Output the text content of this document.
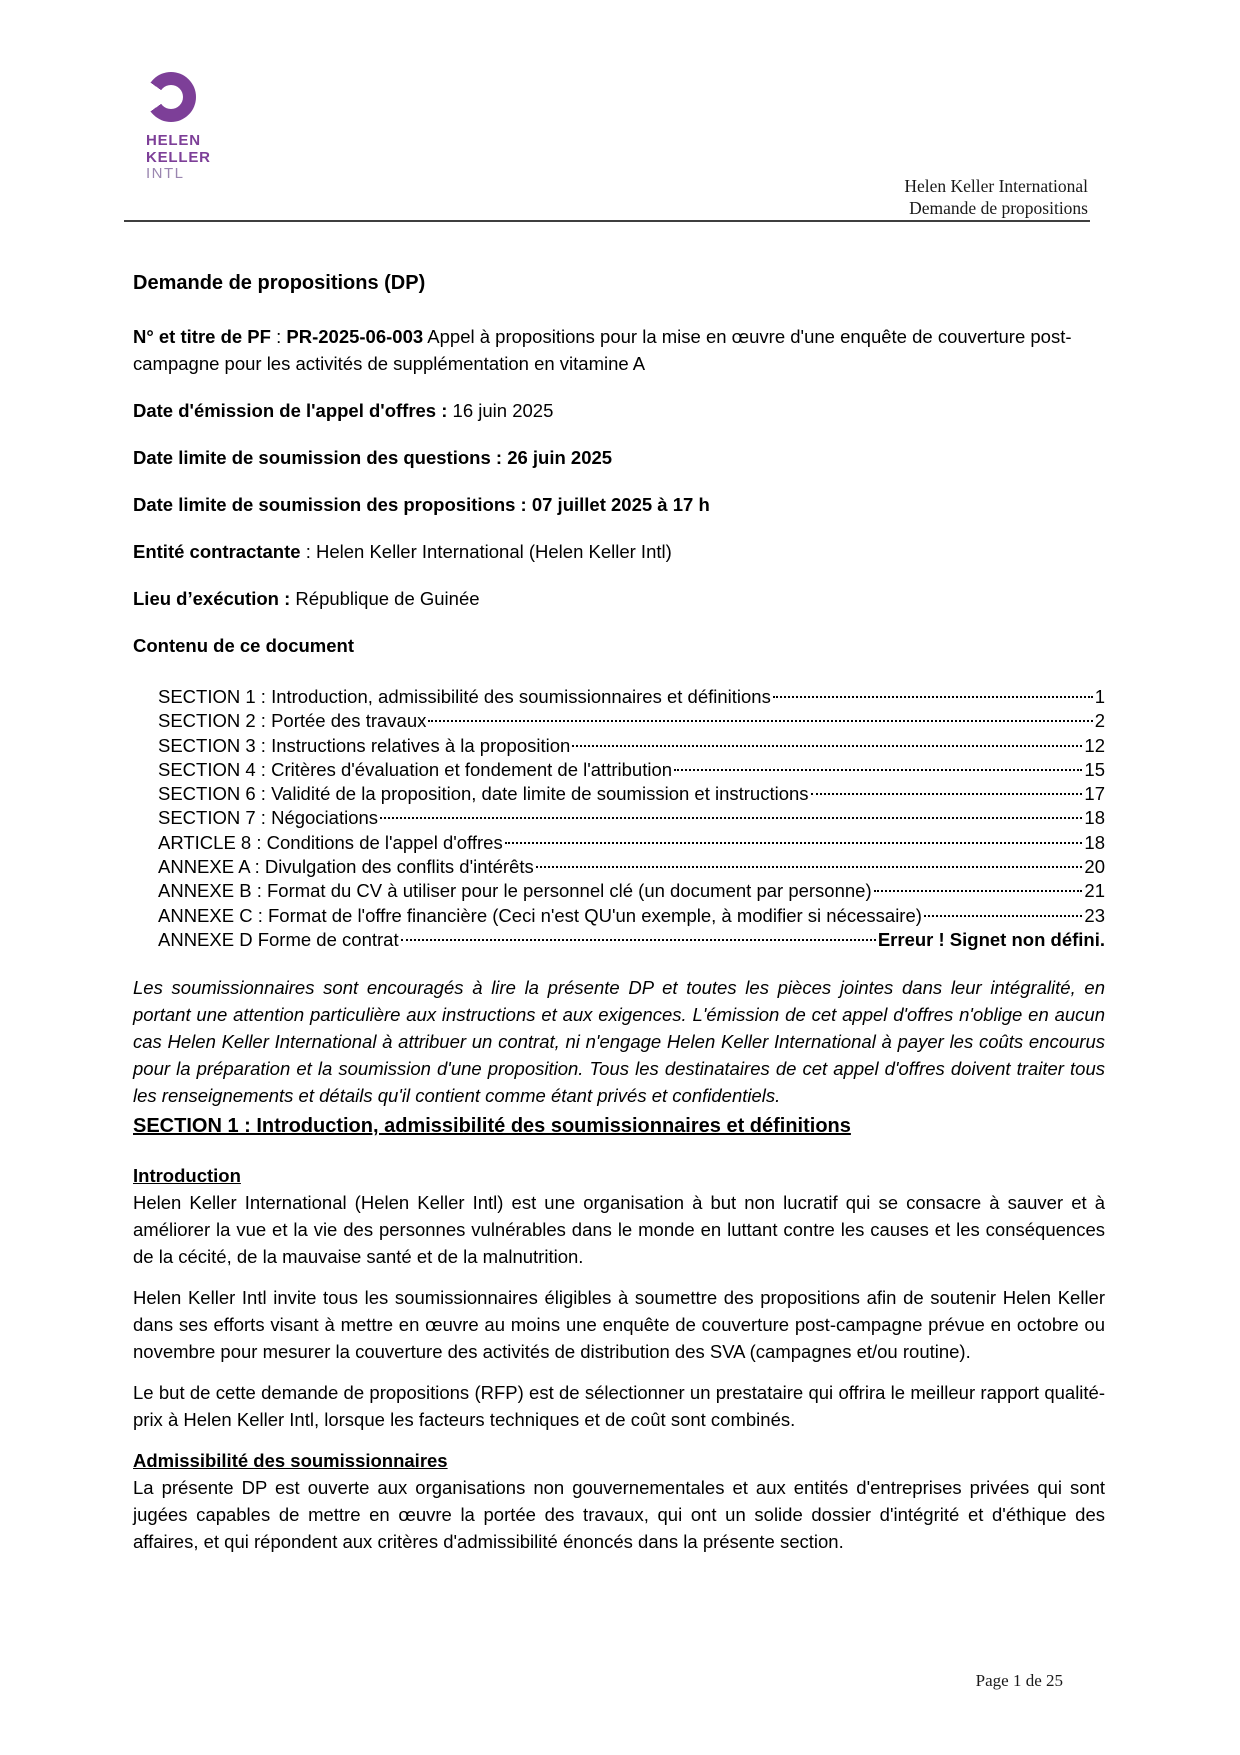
HELEN
KELLER
INTL
Helen Keller International
Demande de propositions
Demande de propositions (DP)

N° et titre de PF : PR-2025-06-003 Appel à propositions pour la mise en œuvre d'une enquête de couverture post-campagne pour les activités de supplémentation en vitamine A

Date d'émission de l'appel d'offres : 16 juin 2025

Date limite de soumission des questions : 26 juin 2025

Date limite de soumission des propositions : 07 juillet 2025 à 17 h

Entité contractante : Helen Keller International (Helen Keller Intl)

Lieu d’exécution : République de Guinée

Contenu de ce document

SECTION 1 : Introduction, admissibilité des soumissionnaires et définitions	1
SECTION 2 : Portée des travaux	2
SECTION 3 : Instructions relatives à la proposition	12
SECTION 4 : Critères d'évaluation et fondement de l'attribution	15
SECTION 6 : Validité de la proposition, date limite de soumission et instructions	17
SECTION 7 : Négociations	18
ARTICLE 8 : Conditions de l'appel d'offres	18
ANNEXE A : Divulgation des conflits d'intérêts	20
ANNEXE B : Format du CV à utiliser pour le personnel clé (un document par personne)	21
ANNEXE C : Format de l'offre financière (Ceci n'est QU'un exemple, à modifier si nécessaire)	23
ANNEXE D Forme de contrat	Erreur ! Signet non défini.

Les soumissionnaires sont encouragés à lire la présente DP et toutes les pièces jointes dans leur intégralité, en portant une attention particulière aux instructions et aux exigences. L'émission de cet appel d'offres n'oblige en aucun cas Helen Keller International à attribuer un contrat, ni n'engage Helen Keller International à payer les coûts encourus pour la préparation et la soumission d'une proposition. Tous les destinataires de cet appel d'offres doivent traiter tous les renseignements et détails qu'il contient comme étant privés et confidentiels.

SECTION 1 : Introduction, admissibilité des soumissionnaires et définitions

Introduction

Helen Keller International (Helen Keller Intl) est une organisation à but non lucratif qui se consacre à sauver et à améliorer la vue et la vie des personnes vulnérables dans le monde en luttant contre les causes et les conséquences de la cécité, de la mauvaise santé et de la malnutrition.

Helen Keller Intl invite tous les soumissionnaires éligibles à soumettre des propositions afin de soutenir Helen Keller dans ses efforts visant à mettre en œuvre au moins une enquête de couverture post-campagne prévue en octobre ou novembre pour mesurer la couverture des activités de distribution des SVA (campagnes et/ou routine).

Le but de cette demande de propositions (RFP) est de sélectionner un prestataire qui offrira le meilleur rapport qualité-prix à Helen Keller Intl, lorsque les facteurs techniques et de coût sont combinés.

Admissibilité des soumissionnaires

La présente DP est ouverte aux organisations non gouvernementales et aux entités d'entreprises privées qui sont jugées capables de mettre en œuvre la portée des travaux, qui ont un solide dossier d'intégrité et d'éthique des affaires, et qui répondent aux critères d'admissibilité énoncés dans la présente section.

Page 1 de 25
